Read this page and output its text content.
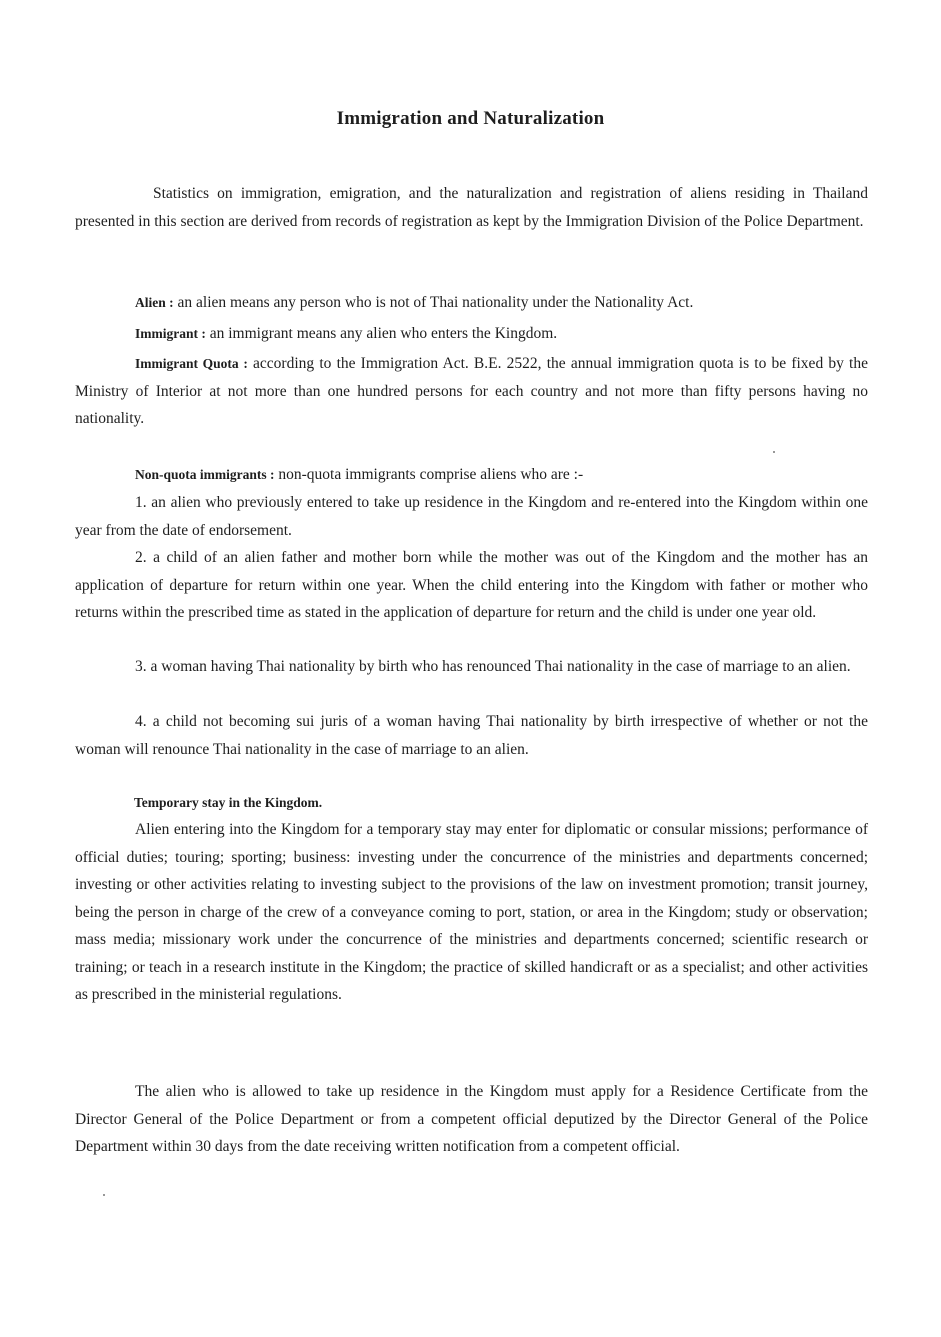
Immigration and Naturalization
Statistics on immigration, emigration, and the naturalization and registration of aliens residing in Thailand presented in this section are derived from records of registration as kept by the Immigration Division of the Police Department.
Alien : an alien means any person who is not of Thai nationality under the Nationality Act.
Immigrant : an immigrant means any alien who enters the Kingdom.
Immigrant Quota : according to the Immigration Act. B.E. 2522, the annual immigration quota is to be fixed by the Ministry of Interior at not more than one hundred persons for each country and not more than fifty persons having no nationality.
Non-quota immigrants : non-quota immigrants comprise aliens who are :-
1. an alien who previously entered to take up residence in the Kingdom and re-entered into the Kingdom within one year from the date of endorsement.
2. a child of an alien father and mother born while the mother was out of the Kingdom and the mother has an application of departure for return within one year. When the child entering into the Kingdom with father or mother who returns within the prescribed time as stated in the application of departure for return and the child is under one year old.
3. a woman having Thai nationality by birth who has renounced Thai nationality in the case of marriage to an alien.
4. a child not becoming sui juris of a woman having Thai nationality by birth irrespective of whether or not the woman will renounce Thai nationality in the case of marriage to an alien.
Temporary stay in the Kingdom.
Alien entering into the Kingdom for a temporary stay may enter for diplomatic or consular missions; performance of official duties; touring; sporting; business: investing under the concurrence of the ministries and departments concerned; investing or other activities relating to investing subject to the provisions of the law on investment promotion; transit journey, being the person in charge of the crew of a conveyance coming to port, station, or area in the Kingdom; study or observation; mass media; missionary work under the concurrence of the ministries and departments concerned; scientific research or training; or teach in a research institute in the Kingdom; the practice of skilled handicraft or as a specialist; and other activities as prescribed in the ministerial regulations.
The alien who is allowed to take up residence in the Kingdom must apply for a Residence Certificate from the Director General of the Police Department or from a competent official deputized by the Director General of the Police Department within 30 days from the date receiving written notification from a competent official.
